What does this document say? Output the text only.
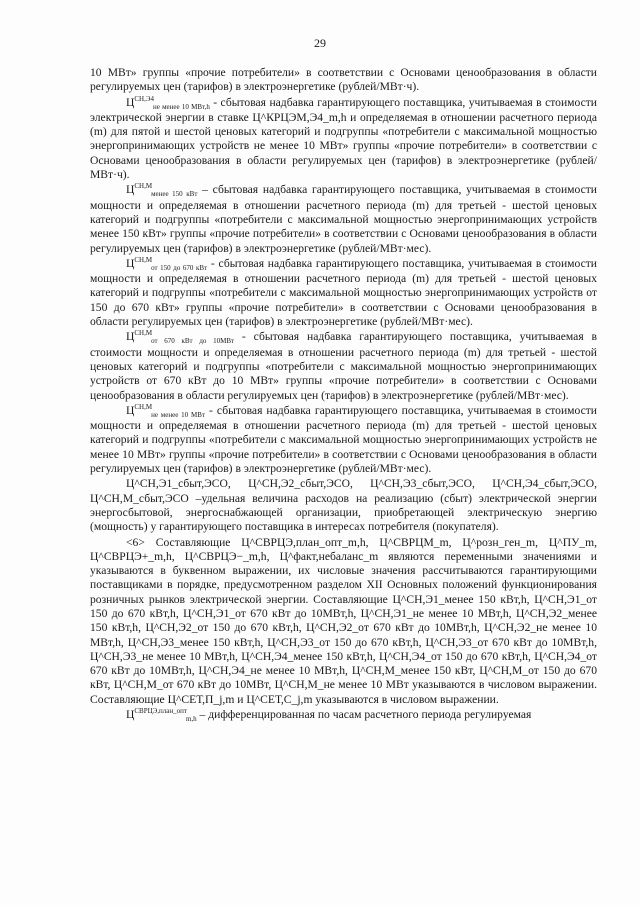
29

10 МВт» группы «прочие потребители» в соответствии с Основами ценообразования в области регулируемых цен (тарифов) в электроэнергетике (рублей/МВт·ч).

$Ц^{СН,Э4}_{не менее 10 МВт,h}$ - сбытовая надбавка гарантирующего поставщика, учитываемая в стоимости электрической энергии в ставке Ц^КРЦЭМ,Э4_m,h и определяемая в отношении расчетного периода (m) для пятой и шестой ценовых категорий и подгруппы «потребители с максимальной мощностью энергопринимающих устройств не менее 10 МВт» группы «прочие потребители» в соответствии с Основами ценообразования в области регулируемых цен (тарифов) в электроэнергетике (рублей/МВт·ч).

$Ц^{СН,М}_{менее 150 кВт}$ – сбытовая надбавка гарантирующего поставщика, учитываемая в стоимости мощности и определяемая в отношении расчетного периода (m) для третьей - шестой ценовых категорий и подгруппы «потребители с максимальной мощностью энергопринимающих устройств менее 150 кВт» группы «прочие потребители» в соответствии с Основами ценообразования в области регулируемых цен (тарифов) в электроэнергетике (рублей/МВт·мес).

$Ц^{СН,М}_{от 150 до 670 кВт}$ - сбытовая надбавка гарантирующего поставщика, учитываемая в стоимости мощности и определяемая в отношении расчетного периода (m) для третьей - шестой ценовых категорий и подгруппы «потребители с максимальной мощностью энергопринимающих устройств от 150 до 670 кВт» группы «прочие потребители» в соответствии с Основами ценообразования в области регулируемых цен (тарифов) в электроэнергетике (рублей/МВт·мес).

$Ц^{СН,М}_{от 670 кВт до 10МВт}$ - сбытовая надбавка гарантирующего поставщика, учитываемая в стоимости мощности и определяемая в отношении расчетного периода (m) для третьей - шестой ценовых категорий и подгруппы «потребители с максимальной мощностью энергопринимающих устройств от 670 кВт до 10 МВт» группы «прочие потребители» в соответствии с Основами ценообразования в области регулируемых цен (тарифов) в электроэнергетике (рублей/МВт·мес).

$Ц^{СН,М}_{не менее 10 МВт}$ - сбытовая надбавка гарантирующего поставщика, учитываемая в стоимости мощности и определяемая в отношении расчетного периода (m) для третьей - шестой ценовых категорий и подгруппы «потребители с максимальной мощностью энергопринимающих устройств не менее 10 МВт» группы «прочие потребители» в соответствии с Основами ценообразования в области регулируемых цен (тарифов) в электроэнергетике (рублей/МВт·мес).

Ц^СН,Э1_сбыт,ЭСО, Ц^СН,Э2_сбыт,ЭСО, Ц^СН,Э3_сбыт,ЭСО, Ц^СН,Э4_сбыт,ЭСО, Ц^СН,М_сбыт,ЭСО –удельная величина расходов на реализацию (сбыт) электрической энергии энергосбытовой, энергоснабжающей организации, приобретающей электрическую энергию (мощность) у гарантирующего поставщика в интересах потребителя (покупателя).

<6> Составляющие Ц^СВРЦЭ,план_опт_m,h, Ц^СВРЦМ_m, Ц^розн_ген_m, Ц^ПУ_m, Ц^СВРЦЭ+_m,h, Ц^СВРЦЭ−_m,h, Ц^факт,небаланс_m являются переменными значениями и указываются в буквенном выражении, их числовые значения рассчитываются гарантирующими поставщиками в порядке, предусмотренном разделом XII Основных положений функционирования розничных рынков электрической энергии. Составляющие Ц^СН,Э1_менее 150 кВт,h, Ц^СН,Э1_от 150 до 670 кВт,h, Ц^СН,Э1_от 670 кВт до 10МВт,h, Ц^СН,Э1_не менее 10 МВт,h, Ц^СН,Э2_менее 150 кВт,h, Ц^СН,Э2_от 150 до 670 кВт,h, Ц^СН,Э2_от 670 кВт до 10МВт,h, Ц^СН,Э2_не менее 10 МВт,h, Ц^СН,Э3_менее 150 кВт,h, Ц^СН,Э3_от 150 до 670 кВт,h, Ц^СН,Э3_от 670 кВт до 10МВт,h, Ц^СН,Э3_не менее 10 МВт,h, Ц^СН,Э4_менее 150 кВт,h, Ц^СН,Э4_от 150 до 670 кВт,h, Ц^СН,Э4_от 670 кВт до 10МВт,h, Ц^СН,Э4_не менее 10 МВт,h, Ц^СН,М_менее 150 кВт, Ц^СН,М_от 150 до 670 кВт, Ц^СН,М_от 670 кВт до 10МВт, Ц^СН,М_не менее 10 МВт указываются в числовом выражении. Составляющие Ц^СЕТ,П_j,m и Ц^СЕТ,С_j,m указываются в числовом выражении.

$Ц^{СВРЦЭ,план\_опт}_{m,h}$ – дифференцированная по часам расчетного периода регулируемая
